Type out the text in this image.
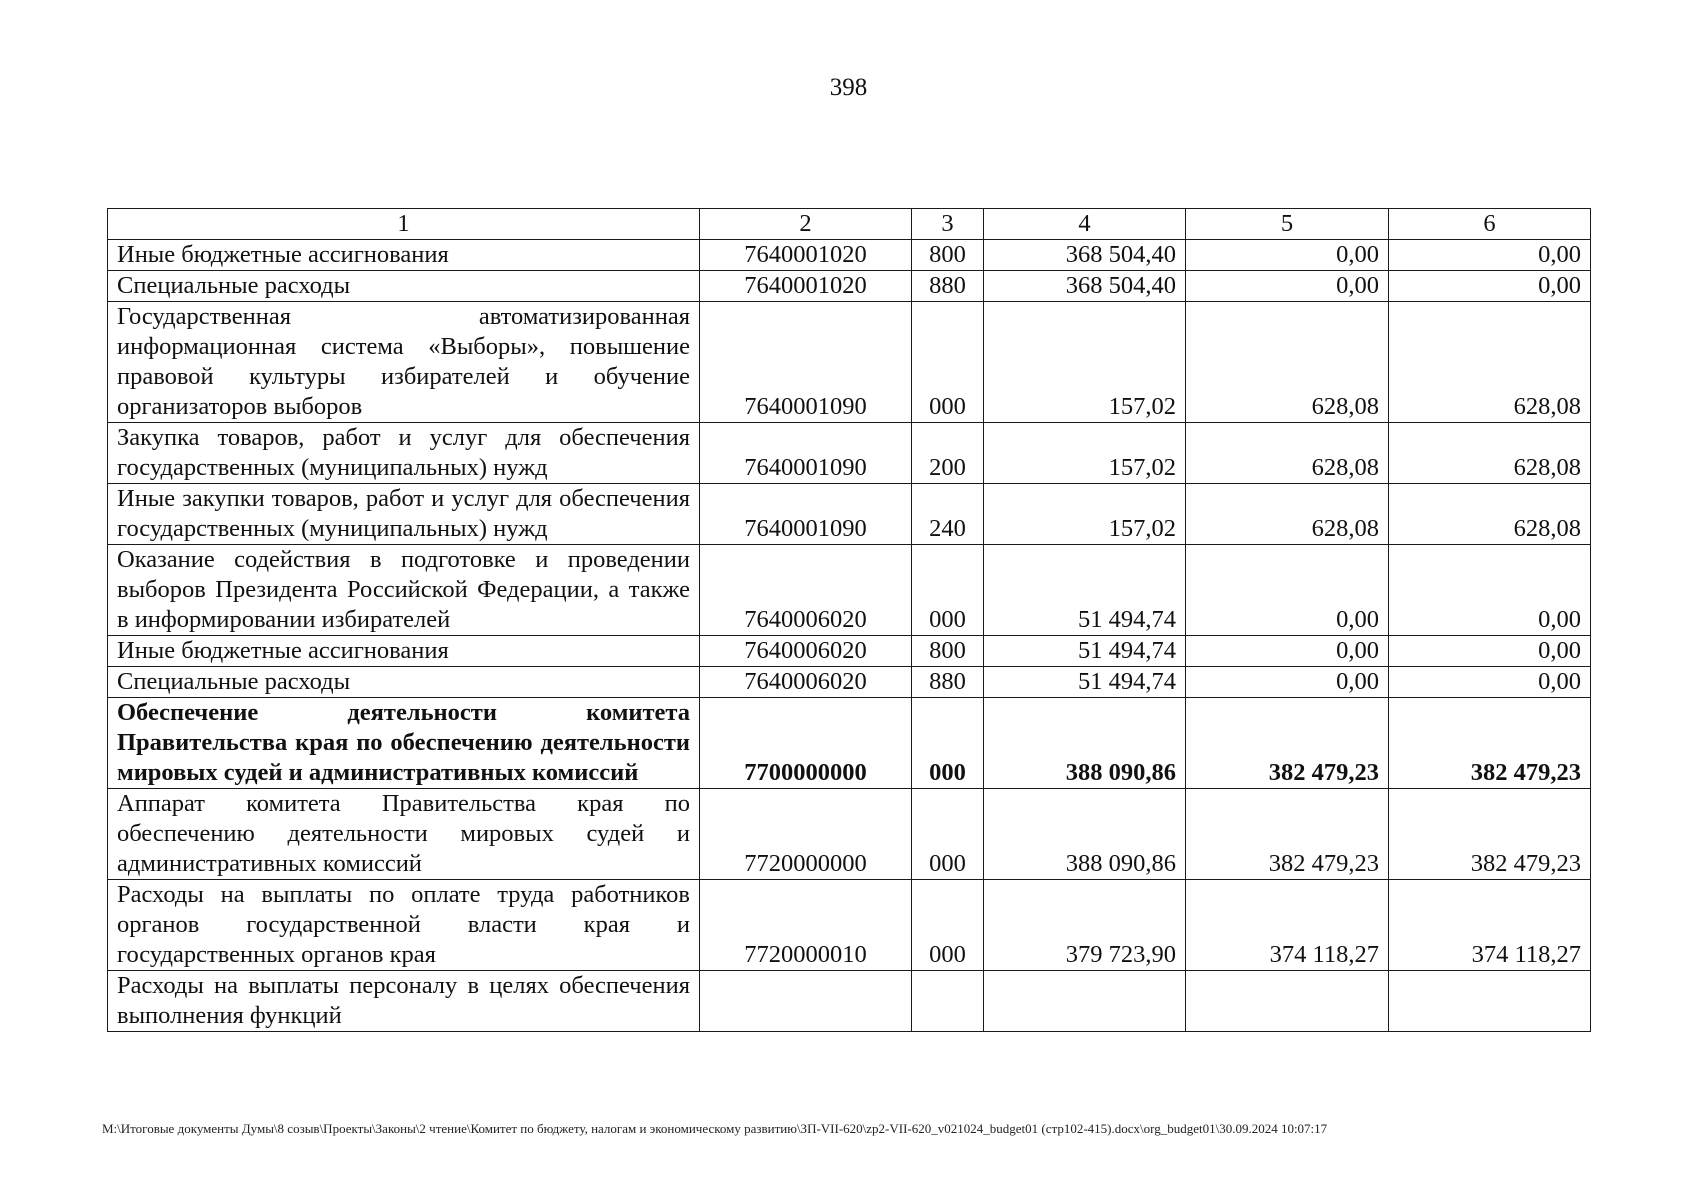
398
1	2	3	4	5	6
Иные бюджетные ассигнования	7640001020	800	368 504,40	0,00	0,00
Специальные расходы	7640001020	880	368 504,40	0,00	0,00
Государственная автоматизированная информационная система «Выборы», повышение правовой культуры избирателей и обучение организаторов выборов	7640001090	000	157,02	628,08	628,08
Закупка товаров, работ и услуг для обеспечения государственных (муниципальных) нужд	7640001090	200	157,02	628,08	628,08
Иные закупки товаров, работ и услуг для обеспечения государственных (муниципальных) нужд	7640001090	240	157,02	628,08	628,08
Оказание содействия в подготовке и проведении выборов Президента Российской Федерации, а также в информировании избирателей	7640006020	000	51 494,74	0,00	0,00
Иные бюджетные ассигнования	7640006020	800	51 494,74	0,00	0,00
Специальные расходы	7640006020	880	51 494,74	0,00	0,00
Обеспечение деятельности комитета Правительства края по обеспечению деятельности мировых судей и административных комиссий	7700000000	000	388 090,86	382 479,23	382 479,23
Аппарат комитета Правительства края по обеспечению деятельности мировых судей и административных комиссий	7720000000	000	388 090,86	382 479,23	382 479,23
Расходы на выплаты по оплате труда работников органов государственной власти края и государственных органов края	7720000010	000	379 723,90	374 118,27	374 118,27
Расходы на выплаты персоналу в целях обеспечения выполнения функций					
M:\Итоговые документы Думы\8 созыв\Проекты\Законы\2 чтение\Комитет по бюджету, налогам и экономическому развитию\ЗП-VII-620\zp2-VII-620_v021024_budget01 (стр102-415).docx\org_budget01\30.09.2024 10:07:17
